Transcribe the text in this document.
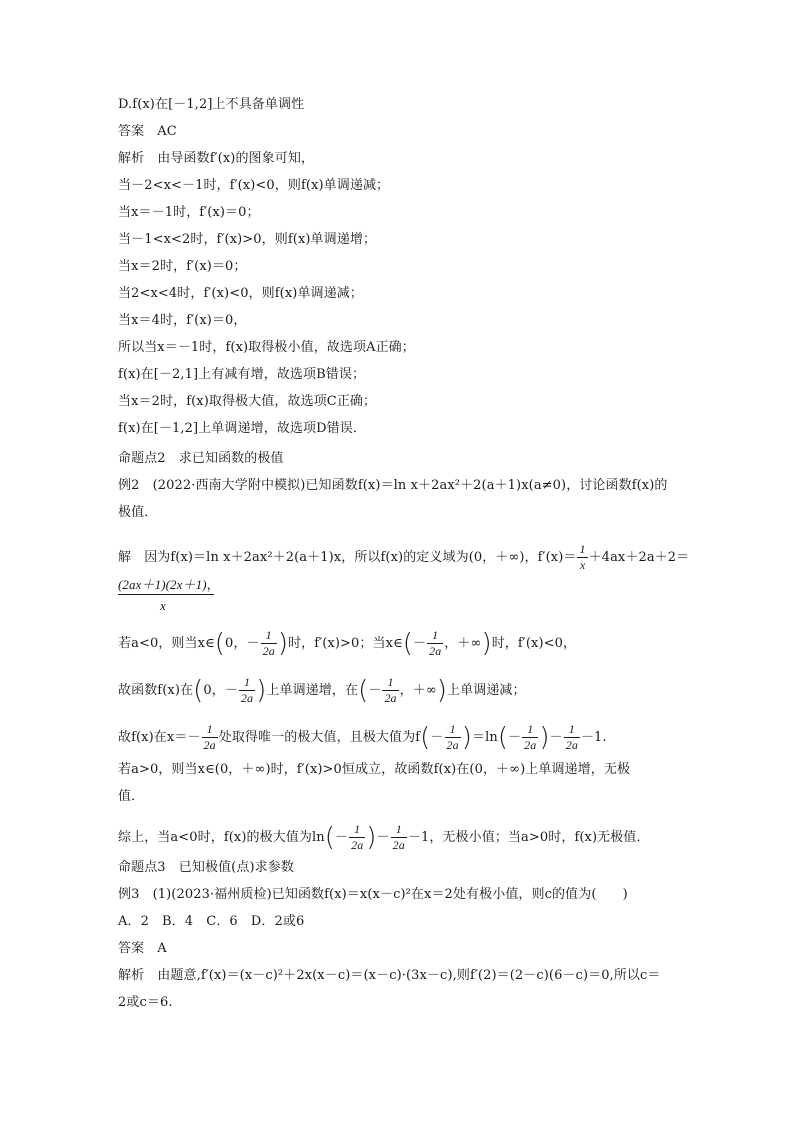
D.f(x)在[－1,2]上不具备单调性
答案　AC
解析　由导函数f′(x)的图象可知，
当－2<x<－1时，f′(x)<0，则f(x)单调递减；
当x＝－1时，f′(x)＝0；
当－1<x<2时，f′(x)>0，则f(x)单调递增；
当x＝2时，f′(x)＝0；
当2<x<4时，f′(x)<0，则f(x)单调递减；
当x＝4时，f′(x)＝0，
所以当x＝－1时，f(x)取得极小值，故选项A正确；
f(x)在[－2,1]上有减有增，故选项B错误；
当x＝2时，f(x)取得极大值，故选项C正确；
f(x)在[－1,2]上单调递增，故选项D错误．
命题点2　求已知函数的极值
例2　(2022·西南大学附中模拟)已知函数f(x)＝ln x＋2ax²＋2(a＋1)x(a≠0)，讨论函数f(x)的
极值．
解　因为f(x)＝ln x＋2ax²＋2(a＋1)x，所以f(x)的定义域为(0，＋∞)，$f'(x)= \frac{1}{x} +4ax+2a+2=$
(2ax＋1)(2x＋1)，
x
若a<0，则当x∈(0，－ $\frac{1}{2a}$ )时，f′(x)>0；当x∈(－ $\frac{1}{2a}$ ，＋∞)时，f′(x)<0，
故函数f(x)在(0，－ $\frac{1}{2a}$ )上单调递增，在(－ $\frac{1}{2a}$ ，＋∞)上单调递减；
故f(x)在$x=- \frac{1}{2a}$ 处取得唯一的极大值，且极大值为$f(- \frac{1}{2a} )=\ln(- \frac{1}{2a}$ )－ $\frac{1}{2a} -1$.
若a>0，则当x∈(0，＋∞)时，f′(x)>0恒成立，故函数f(x)在(0，＋∞)上单调递增，无极
值．
综上，当a<0时，f(x)的极大值为$\ln(- \frac{1}{2a}$ )－ $\frac{1}{2a} -1$，无极小值；当a>0时，f(x)无极值．
命题点3　已知极值(点)求参数
例3　(1)(2023·福州质检)已知函数f(x)＝x(x－c)²在x＝2处有极小值，则c的值为(　　)
A．2　B．4　C．6　D．2或6
答案　A
解析　由题意,f′(x)＝(x－c)²＋2x(x－c)＝(x－c)·(3x－c),则f′(2)＝(2－c)(6－c)＝0,所以c＝
2或c＝6.
